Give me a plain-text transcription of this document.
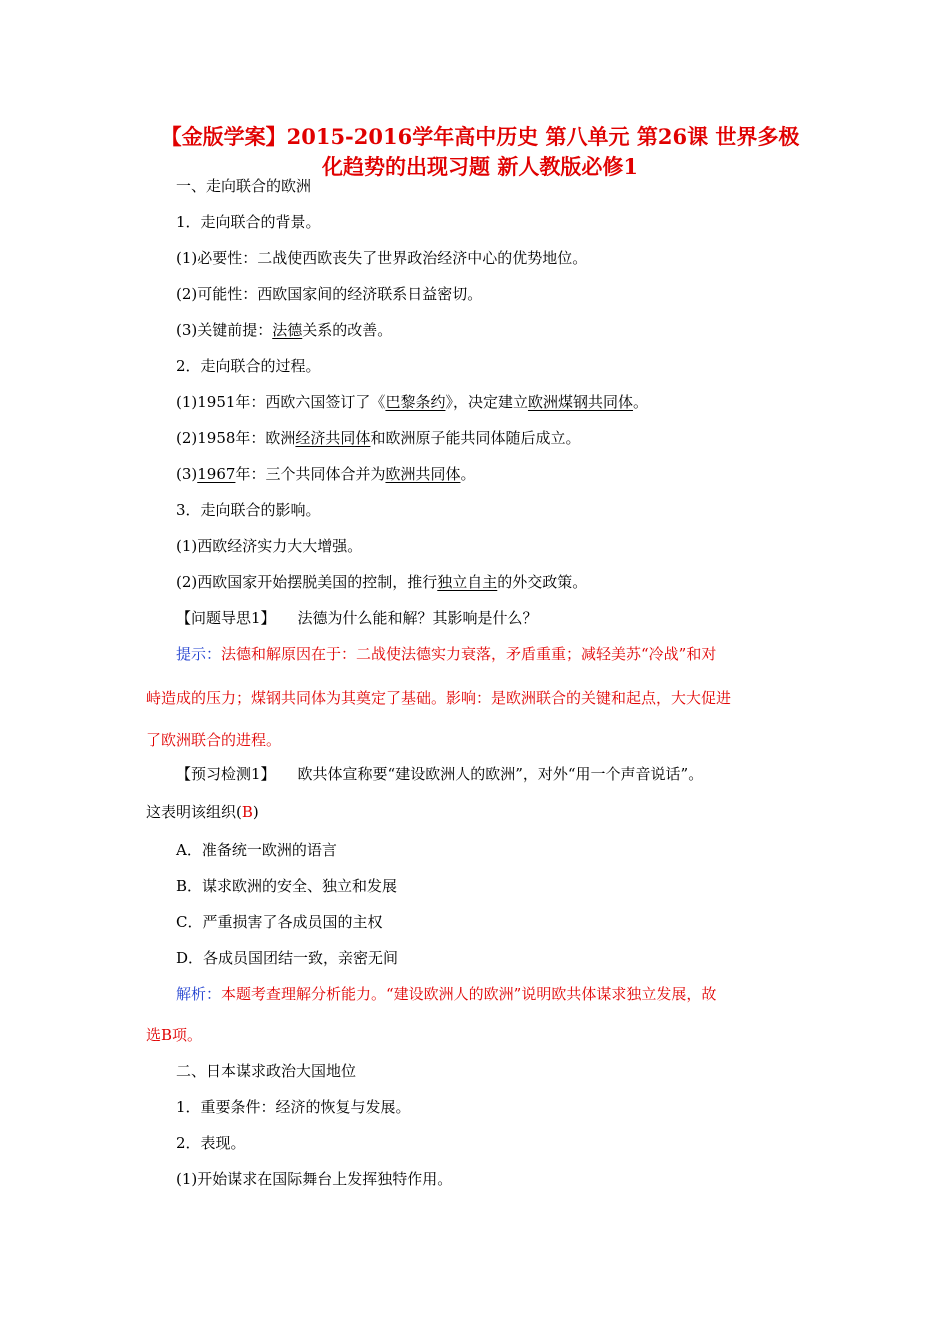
【金版学案】2015-2016学年高中历史 第八单元 第26课 世界多极
化趋势的出现习题 新人教版必修1
一、走向联合的欧洲
1．走向联合的背景。
(1)必要性：二战使西欧丧失了世界政治经济中心的优势地位。
(2)可能性：西欧国家间的经济联系日益密切。
(3)关键前提：法德关系的改善。
2．走向联合的过程。
(1)1951年：西欧六国签订了《巴黎条约》，决定建立欧洲煤钢共同体。
(2)1958年：欧洲经济共同体和欧洲原子能共同体随后成立。
(3)1967年：三个共同体合并为欧洲共同体。
3．走向联合的影响。
(1)西欧经济实力大大增强。
(2)西欧国家开始摆脱美国的控制，推行独立自主的外交政策。
【问题导思1】 法德为什么能和解？其影响是什么？
提示：法德和解原因在于：二战使法德实力衰落，矛盾重重；减轻美苏“冷战”和对
峙造成的压力；煤钢共同体为其奠定了基础。影响：是欧洲联合的关键和起点，大大促进
了欧洲联合的进程。
【预习检测1】 欧共体宣称要“建设欧洲人的欧洲”，对外“用一个声音说话”。
这表明该组织(B)
A．准备统一欧洲的语言
B．谋求欧洲的安全、独立和发展
C．严重损害了各成员国的主权
D．各成员国团结一致，亲密无间
解析：本题考查理解分析能力。“建设欧洲人的欧洲”说明欧共体谋求独立发展，故
选B项。
二、日本谋求政治大国地位
1．重要条件：经济的恢复与发展。
2．表现。
(1)开始谋求在国际舞台上发挥独特作用。
